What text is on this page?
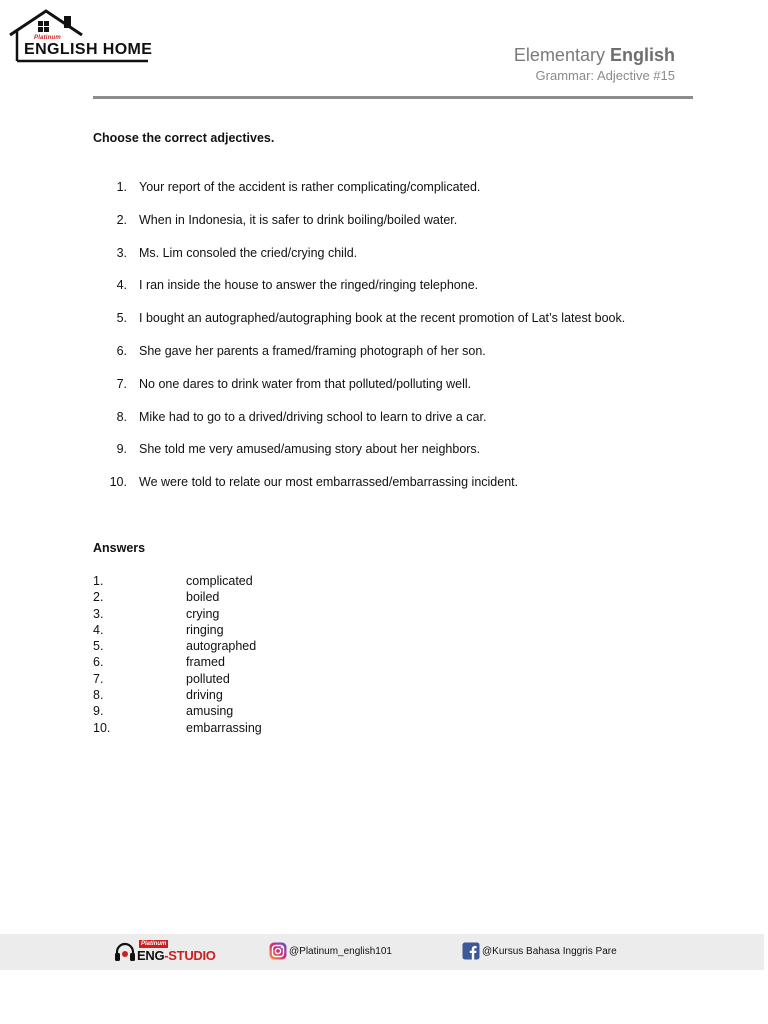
Platinum
ENGLISH HOME	Elementary English
Grammar: Adjective #15
Choose the correct adjectives.
1. Your report of the accident is rather complicating/complicated.
2. When in Indonesia, it is safer to drink boiling/boiled water.
3. Ms. Lim consoled the cried/crying child.
4. I ran inside the house to answer the ringed/ringing telephone.
5. I bought an autographed/autographing book at the recent promotion of Lat’s latest book.
6. She gave her parents a framed/framing photograph of her son.
7. No one dares to drink water from that polluted/polluting well.
8. Mike had to go to a drived/driving school to learn to drive a car.
9. She told me very amused/amusing story about her neighbors.
10. We were told to relate our most embarrassed/embarrassing incident.
Answers
1.	complicated
2.	boiled
3.	crying
4.	ringing
5.	autographed
6.	framed
7.	polluted
8.	driving
9.	amusing
10.	embarrassing
Platinum
ENG-STUDIO	@Platinum_english101	@Kursus Bahasa Inggris Pare
